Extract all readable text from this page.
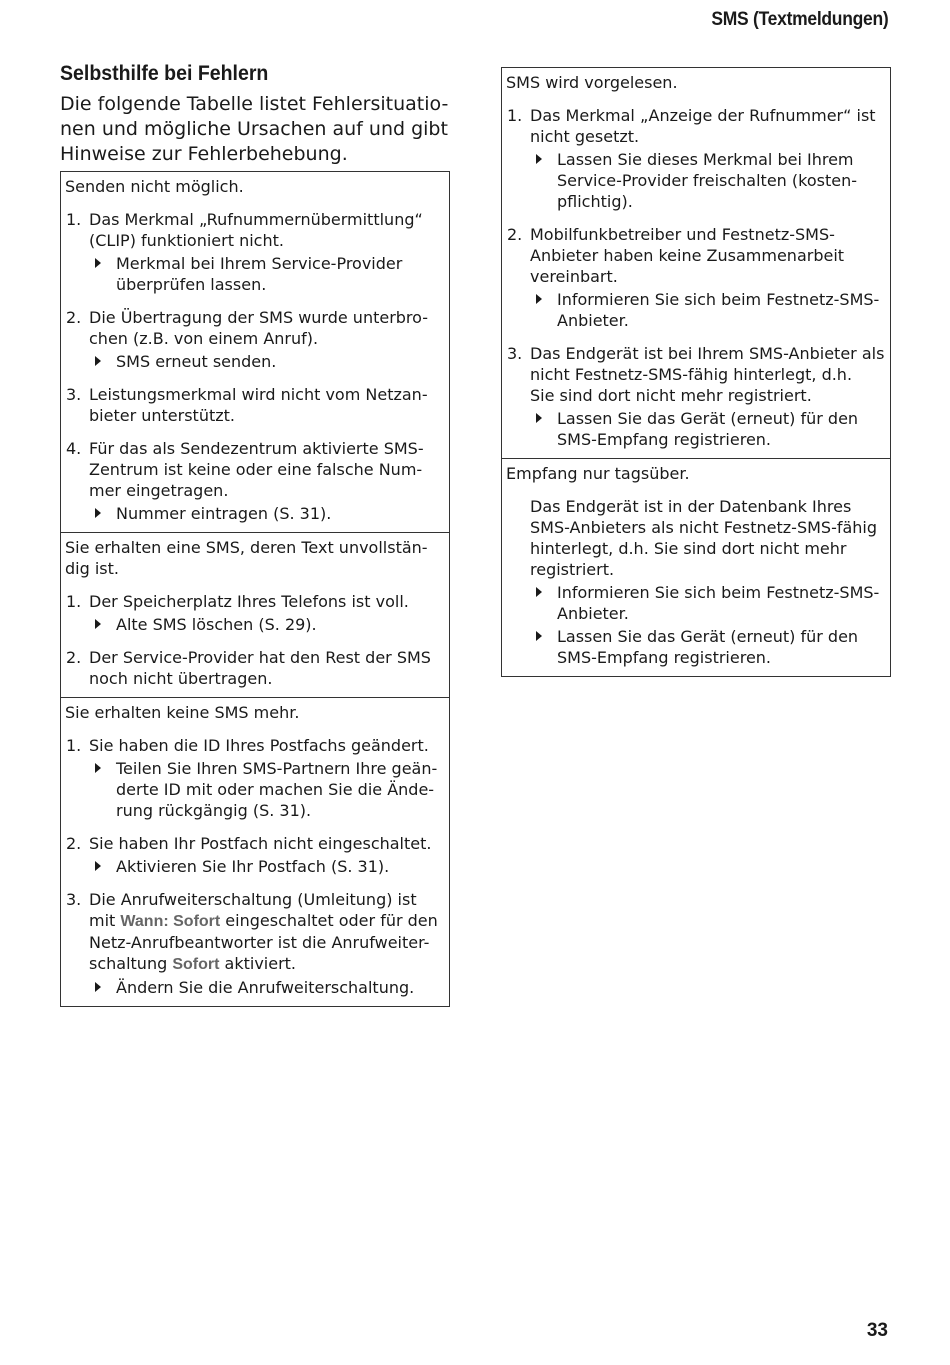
SMS (Textmeldungen)
Selbsthilfe bei Fehlern
Die folgende Tabelle listet Fehlersituatio-
nen und mögliche Ursachen auf und gibt
Hinweise zur Fehlerbehebung.
Senden nicht möglich.
1. Das Merkmal „Rufnummernübermittlung“
(CLIP) funktioniert nicht.
Merkmal bei Ihrem Service-Provider
überprüfen lassen.
2. Die Übertragung der SMS wurde unterbro-
chen (z.B. von einem Anruf).
SMS erneut senden.
3. Leistungsmerkmal wird nicht vom Netzan-
bieter unterstützt.
4. Für das als Sendezentrum aktivierte SMS-
Zentrum ist keine oder eine falsche Num-
mer eingetragen.
Nummer eintragen (S. 31).
Sie erhalten eine SMS, deren Text unvollstän-
dig ist.
1. Der Speicherplatz Ihres Telefons ist voll.
Alte SMS löschen (S. 29).
2. Der Service-Provider hat den Rest der SMS
noch nicht übertragen.
Sie erhalten keine SMS mehr.
1. Sie haben die ID Ihres Postfachs geändert.
Teilen Sie Ihren SMS-Partnern Ihre geän-
derte ID mit oder machen Sie die Ände-
rung rückgängig (S. 31).
2. Sie haben Ihr Postfach nicht eingeschaltet.
Aktivieren Sie Ihr Postfach (S. 31).
3. Die Anrufweiterschaltung (Umleitung) ist
mit Wann: Sofort eingeschaltet oder für den
Netz-Anrufbeantworter ist die Anrufweiter-
schaltung Sofort aktiviert.
Ändern Sie die Anrufweiterschaltung.
SMS wird vorgelesen.
1. Das Merkmal „Anzeige der Rufnummer“ ist
nicht gesetzt.
Lassen Sie dieses Merkmal bei Ihrem
Service-Provider freischalten (kosten-
pflichtig).
2. Mobilfunkbetreiber und Festnetz-SMS-
Anbieter haben keine Zusammenarbeit
vereinbart.
Informieren Sie sich beim Festnetz-SMS-
Anbieter.
3. Das Endgerät ist bei Ihrem SMS-Anbieter als
nicht Festnetz-SMS-fähig hinterlegt, d.h.
Sie sind dort nicht mehr registriert.
Lassen Sie das Gerät (erneut) für den
SMS-Empfang registrieren.
Empfang nur tagsüber.
Das Endgerät ist in der Datenbank Ihres
SMS-Anbieters als nicht Festnetz-SMS-fähig
hinterlegt, d.h. Sie sind dort nicht mehr
registriert.
Informieren Sie sich beim Festnetz-SMS-
Anbieter.
Lassen Sie das Gerät (erneut) für den
SMS-Empfang registrieren.
33
